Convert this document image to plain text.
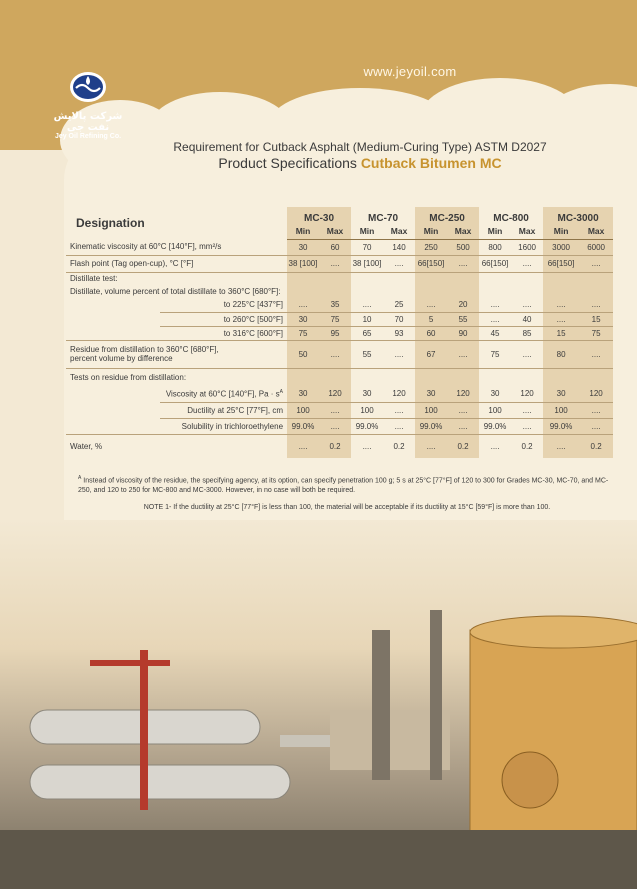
شرکت پالایش نفت جی
Jey Oil Refining Co.
www.jeyoil.com
Requirement for Cutback Asphalt (Medium-Curing Type) ASTM D2027
Product Specifications Cutback Bitumen MC
Designation		MC-30		MC-70		MC-250		MC-800		MC-3000	
		Min	Max	Min	Max	Min	Max	Min	Max	Min	Max
Kinematic viscosity at 60°C [140°F], mm²/s		30	60	70	140	250	500	800	1600	3000	6000
Flash point (Tag open-cup), °C [°F]		38 [100]	....	38 [100]	....	66[150]	....	66[150]	....	66[150]	....
Distillate test:											
Distillate, volume percent of total distillate to 360°C [680°F]:											
	to 225°C [437°F]	....	35	....	25	....	20	....	....	....	....
	to 260°C [500°F]	30	75	10	70	5	55	....	40	....	15
	to 316°C [600°F]	75	95	65	93	60	90	45	85	15	75

Residue from distillation to 360°C [680°F],
percent volume by difference		50	....	55	....	67	....	75	....	80	....
Tests on residue from distillation:											
	Viscosity at 60°C [140°F], $Pa \cdot s^A$	30	120	30	120	30	120	30	120	30	120
	Ductility at 25°C [77°F], cm	100	....	100	....	100	....	100	....	100	....
	Solubility in trichloroethylene	99.0%	....	99.0%	....	99.0%	....	99.0%	....	99.0%	....
Water, %		....	0.2	....	0.2	....	0.2	....	0.2	....	0.2
$^A$ Instead of viscosity of the residue, the specifying agency, at its option, can specify penetration 100 g; 5 s at 25°C [77°F] of 120 to 300 for Grades MC-30, MC-70, and MC-250, and 120 to 250 for MC-800 and MC-3000. However, in no case will both be required.
NOTE 1- If the ductility at 25°C [77°F] is less than 100, the material will be acceptable if its ductility at 15°C [59°F] is more than 100.
